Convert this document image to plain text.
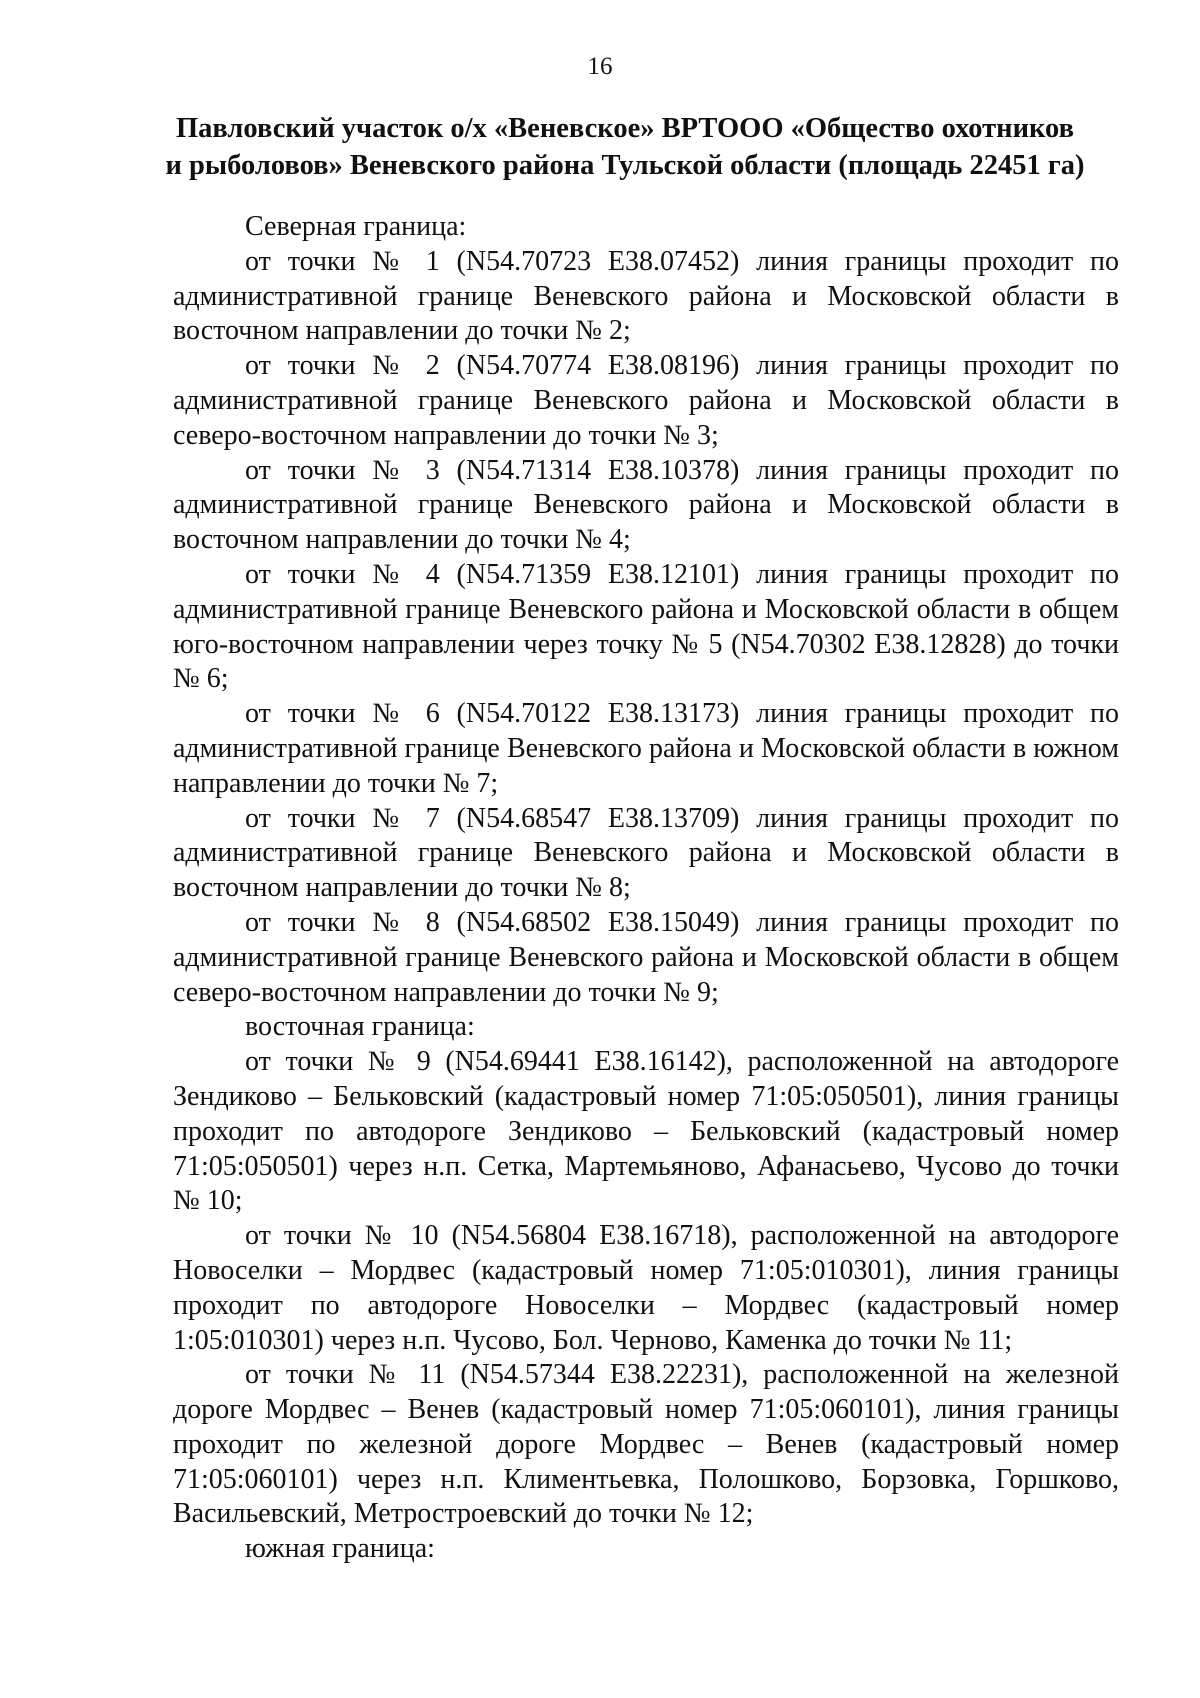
16
Павловский участок о/х «Веневское» ВРТООО «Общество охотников
и рыболовов» Веневского района Тульской области (площадь 22451 га)

Северная граница:

от точки № 1 (N54.70723 E38.07452) линия границы проходит по административной границе Веневского района и Московской области в восточном направлении до точки № 2;

от точки № 2 (N54.70774 E38.08196) линия границы проходит по административной границе Веневского района и Московской области в северо-восточном направлении до точки № 3;

от точки № 3 (N54.71314 E38.10378) линия границы проходит по административной границе Веневского района и Московской области в восточном направлении до точки № 4;

от точки № 4 (N54.71359 E38.12101) линия границы проходит по административной границе Веневского района и Московской области в общем юго-восточном направлении через точку № 5 (N54.70302 E38.12828) до точки № 6;

от точки № 6 (N54.70122 E38.13173) линия границы проходит по административной границе Веневского района и Московской области в южном направлении до точки № 7;

от точки № 7 (N54.68547 E38.13709) линия границы проходит по административной границе Веневского района и Московской области в восточном направлении до точки № 8;

от точки № 8 (N54.68502 E38.15049) линия границы проходит по административной границе Веневского района и Московской области в общем северо-восточном направлении до точки № 9;

восточная граница:

от точки № 9 (N54.69441 E38.16142), расположенной на автодороге Зендиково – Бельковский (кадастровый номер 71:05:050501), линия границы проходит по автодороге Зендиково – Бельковский (кадастровый номер 71:05:050501) через н.п. Сетка, Мартемьяново, Афанасьево, Чусово до точки № 10;

от точки № 10 (N54.56804 E38.16718), расположенной на автодороге Новоселки – Мордвес (кадастровый номер 71:05:010301), линия границы проходит по автодороге Новоселки – Мордвес (кадастровый номер 1:05:010301) через н.п. Чусово, Бол. Черново, Каменка до точки № 11;

от точки № 11 (N54.57344 E38.22231), расположенной на железной дороге Мордвес – Венев (кадастровый номер 71:05:060101), линия границы проходит по железной дороге Мордвес – Венев (кадастровый номер 71:05:060101) через н.п. Климентьевка, Полошково, Борзовка, Горшково, Васильевский, Метростроевский до точки № 12;

южная граница:
